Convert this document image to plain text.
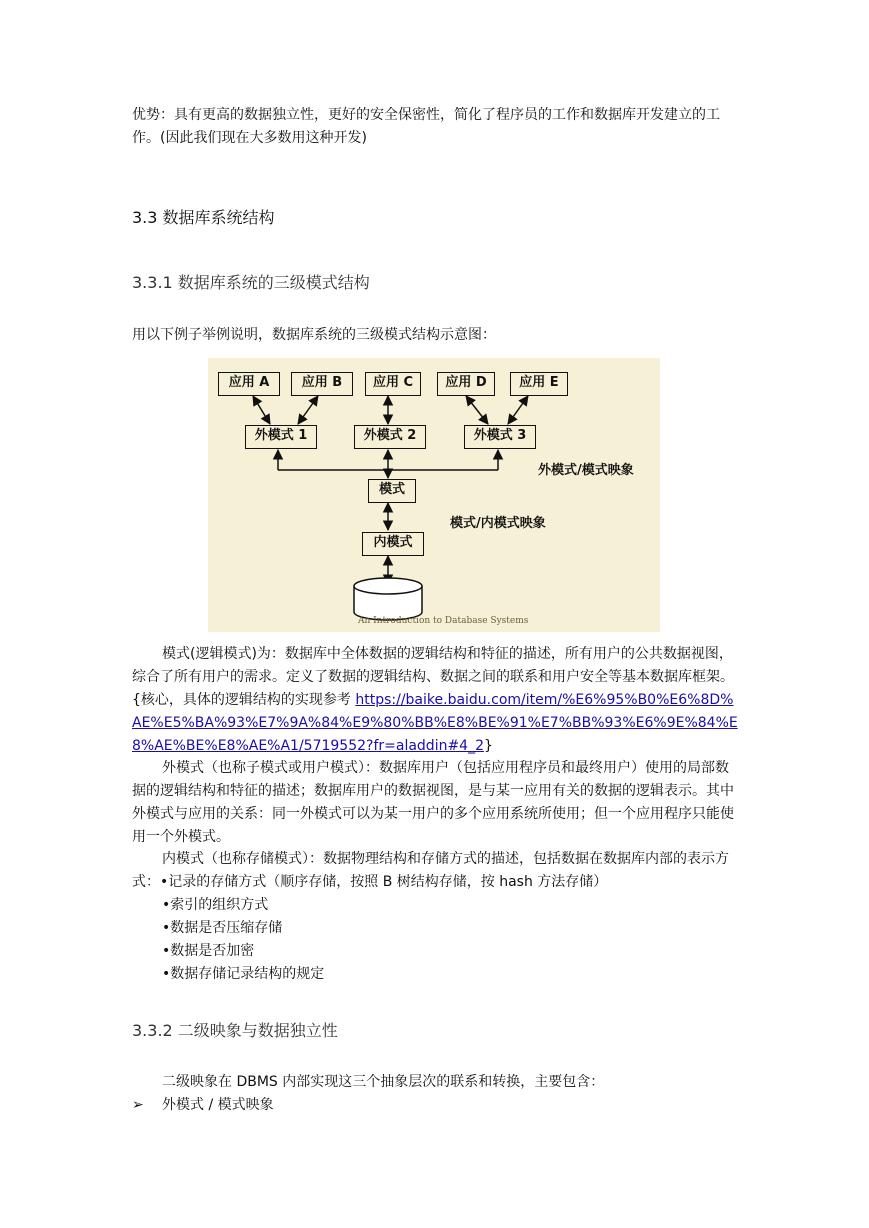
优势：具有更高的数据独立性，更好的安全保密性，简化了程序员的工作和数据库开发建立的工作。(因此我们现在大多数用这种开发)

3.3 数据库系统结构
3.3.1 数据库系统的三级模式结构

用以下例子举例说明，数据库系统的三级模式结构示意图：

应用 A	应用 B	应用 C	应用 D	应用 E
外模式 1	外模式 2	外模式 3
模式
内模式
外模式/模式映象
模式/内模式映象
An Introduction to Database Systems

模式(逻辑模式)为：数据库中全体数据的逻辑结构和特征的描述，所有用户的公共数据视图，综合了所有用户的需求。定义了数据的逻辑结构、数据之间的联系和用户安全等基本数据库框架。{核心，具体的逻辑结构的实现参考 https://baike.baidu.com/item/%E6%95%B0%E6%8D%AE%E5%BA%93%E7%9A%84%E9%80%BB%E8%BE%91%E7%BB%93%E6%9E%84%E8%AE%BE%E8%AE%A1/5719552?fr=aladdin#4_2}

外模式（也称子模式或用户模式）：数据库用户（包括应用程序员和最终用户）使用的局部数据的逻辑结构和特征的描述；数据库用户的数据视图，是与某一应用有关的数据的逻辑表示。其中外模式与应用的关系：同一外模式可以为某一用户的多个应用系统所使用；但一个应用程序只能使用一个外模式。

内模式（也称存储模式）：数据物理结构和存储方式的描述，包括数据在数据库内部的表示方式：•记录的存储方式（顺序存储，按照 B 树结构存储，按 hash 方法存储）

•索引的组织方式

•数据是否压缩存储

•数据是否加密

•数据存储记录结构的规定

3.3.2 二级映象与数据独立性

二级映象在 DBMS 内部实现这三个抽象层次的联系和转换，主要包含：

➢ 外模式 / 模式映象
